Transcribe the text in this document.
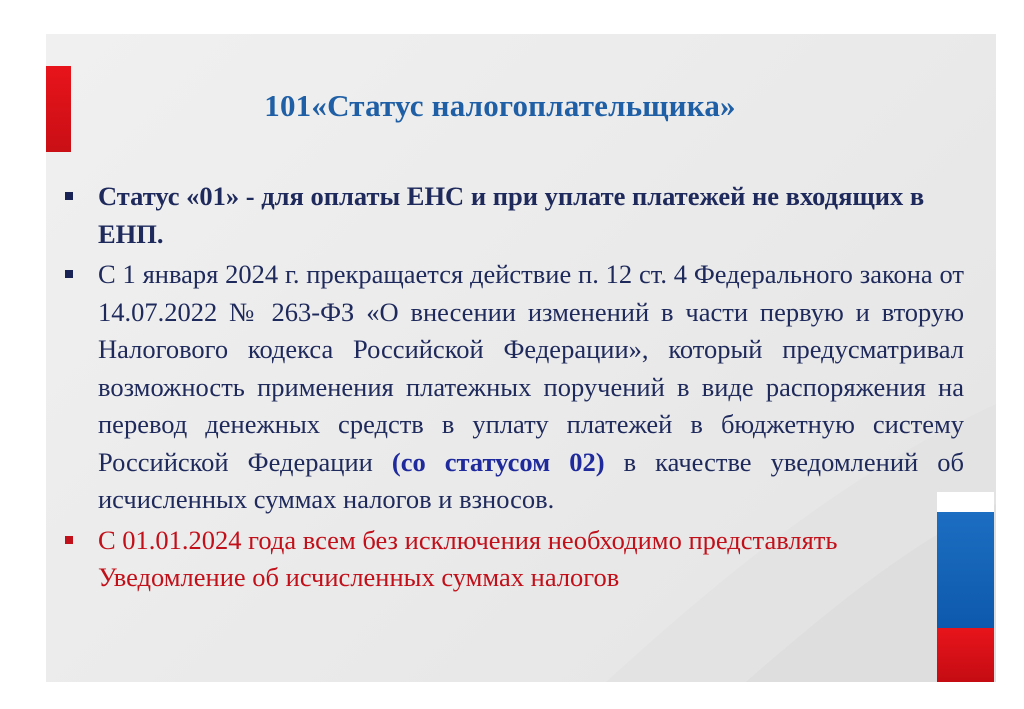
101«Статус налогоплательщика»
Статус «01» - для оплаты ЕНС и при уплате платежей не входящих в ЕНП.
С 1 января 2024 г. прекращается действие п. 12 ст. 4 Федерального закона от 14.07.2022 № 263-ФЗ «О внесении изменений в части первую и вторую Налогового кодекса Российской Федерации», который предусматривал возможность применения платежных поручений в виде распоряжения на перевод денежных средств в уплату платежей в бюджетную систему Российской Федерации (со статусом 02) в качестве уведомлений об исчисленных суммах налогов и взносов.
С 01.01.2024 года всем без исключения необходимо представлять Уведомление об исчисленных суммах налогов
